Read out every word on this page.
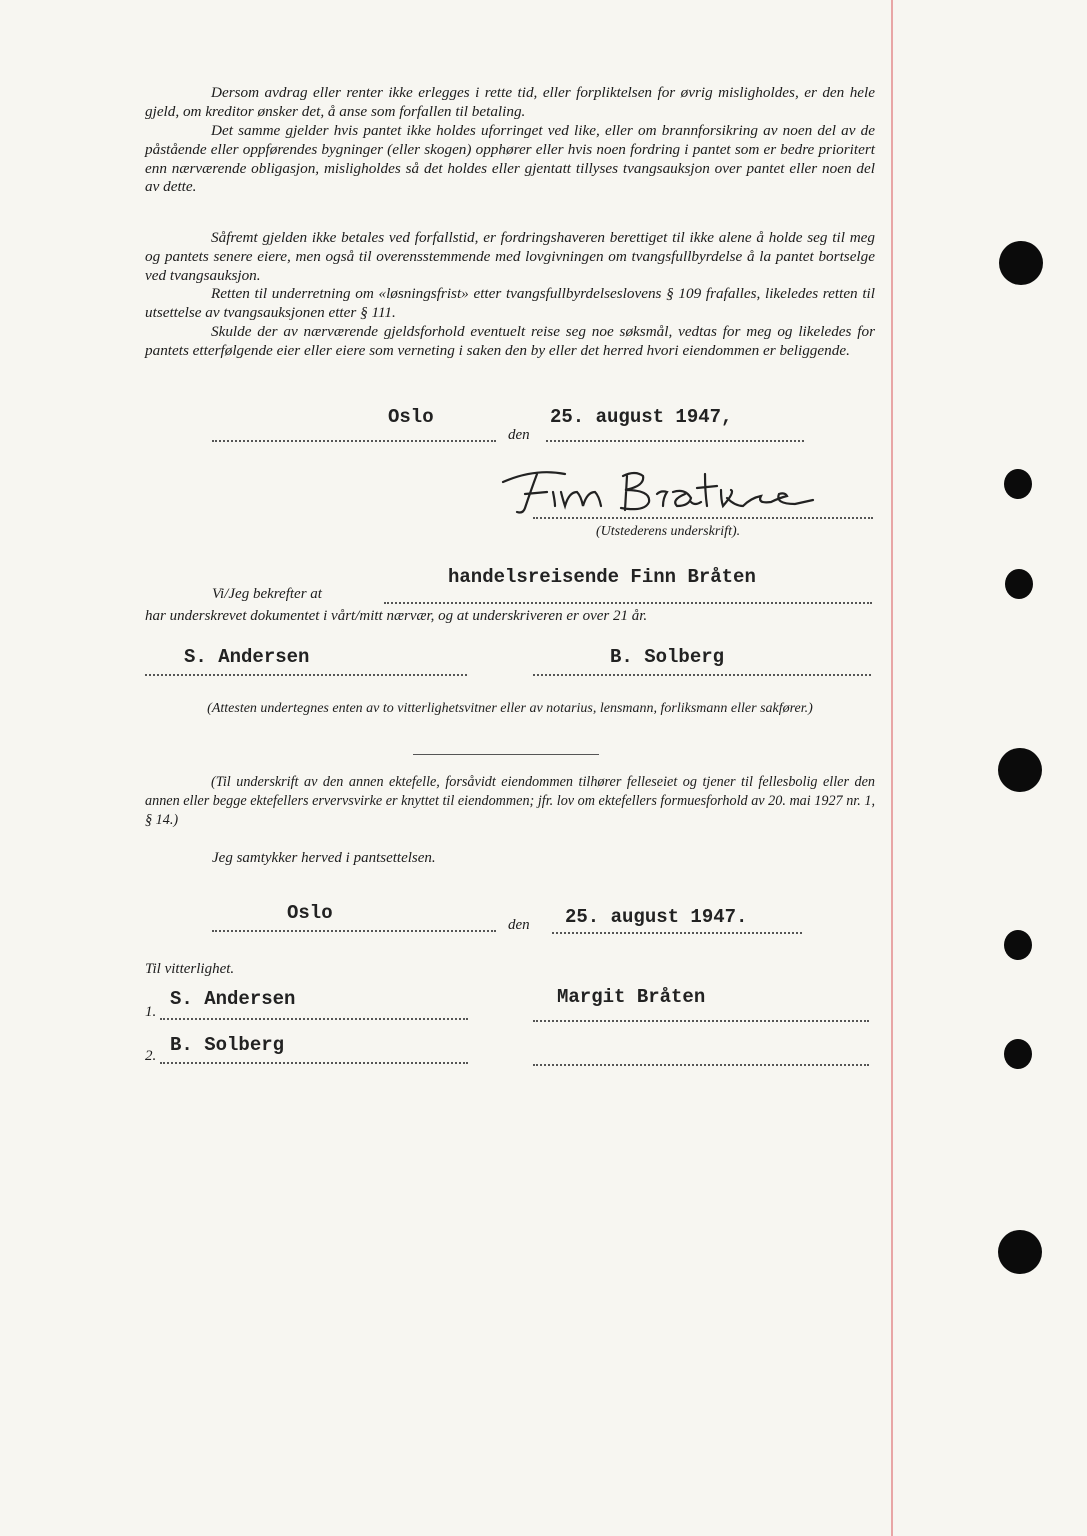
Dersom avdrag eller renter ikke erlegges i rette tid, eller forpliktelsen for øvrig misligholdes, er den hele gjeld, om kreditor ønsker det, å anse som forfallen til betaling.

Det samme gjelder hvis pantet ikke holdes uforringet ved like, eller om brannforsikring av noen del av de påstående eller oppførendes bygninger (eller skogen) opphører eller hvis noen fordring i pantet som er bedre prioritert enn nærværende obligasjon, misligholdes så det holdes eller gjentatt tillyses tvangsauksjon over pantet eller noen del av dette.

Såfremt gjelden ikke betales ved forfallstid, er fordringshaveren berettiget til ikke alene å holde seg til meg og pantets senere eiere, men også til overensstemmende med lovgivningen om tvangsfullbyrdelse å la pantet bortselge ved tvangsauksjon.

Retten til underretning om «løsningsfrist» etter tvangsfullbyrdelseslovens § 109 frafalles, likeledes retten til utsettelse av tvangsauksjonen etter § 111.

Skulde der av nærværende gjeldsforhold eventuelt reise seg noe søksmål, vedtas for meg og likeledes for pantets etterfølgende eier eller eiere som verneting i saken den by eller det herred hvori eiendommen er beliggende.

Oslo
den
25. august 1947,
Finn Bråtken
(Utstederens underskrift).
Vi/Jeg bekrefter at
handelsreisende Finn Bråten
har underskrevet dokumentet i vårt/mitt nærvær, og at underskriveren er over 21 år.
S. Andersen	B. Solberg

(Attesten undertegnes enten av to vitterlighetsvitner eller av notarius, lensmann, forliksmann eller sakfører.)

(Til underskrift av den annen ektefelle, forsåvidt eiendommen tilhører felleseiet og tjener til fellesbolig eller den annen eller begge ektefellers ervervsvirke er knyttet til eiendommen; jfr. lov om ektefellers formuesforhold av 20. mai 1927 nr. 1, § 14.)

Jeg samtykker herved i pantsettelsen.
Oslo
den 25. august 1947.
Til vitterlighet.
1.
S. Andersen	Margit Bråten
2. B. Solberg
